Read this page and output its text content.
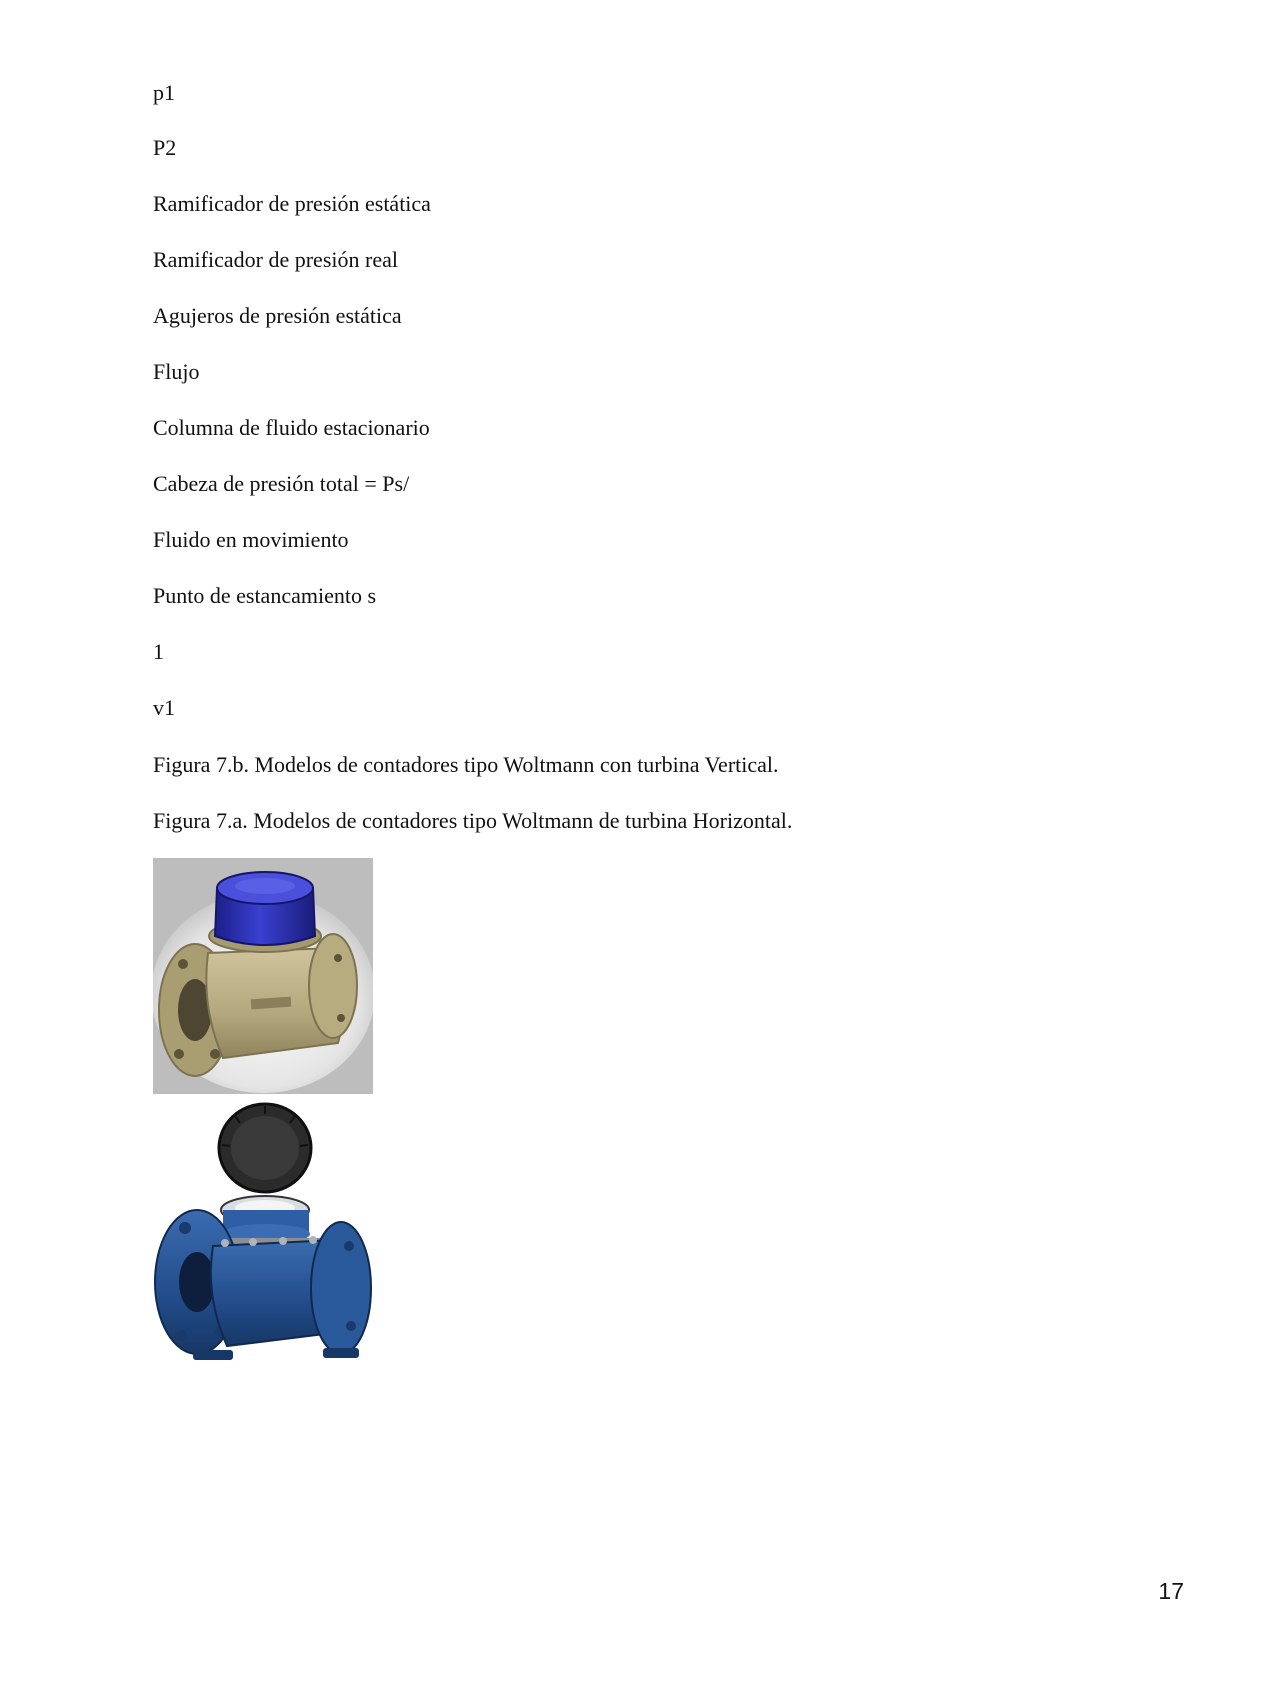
p1
P2
Ramificador de presión estática
Ramificador de presión real
Agujeros de presión estática
Flujo
Columna de fluido estacionario
Cabeza de presión total = Ps/
Fluido en movimiento
Punto de estancamiento s
1
v1
Figura 7.b. Modelos de contadores tipo Woltmann con turbina Vertical.
Figura 7.a. Modelos de contadores tipo Woltmann de turbina Horizontal.
17
